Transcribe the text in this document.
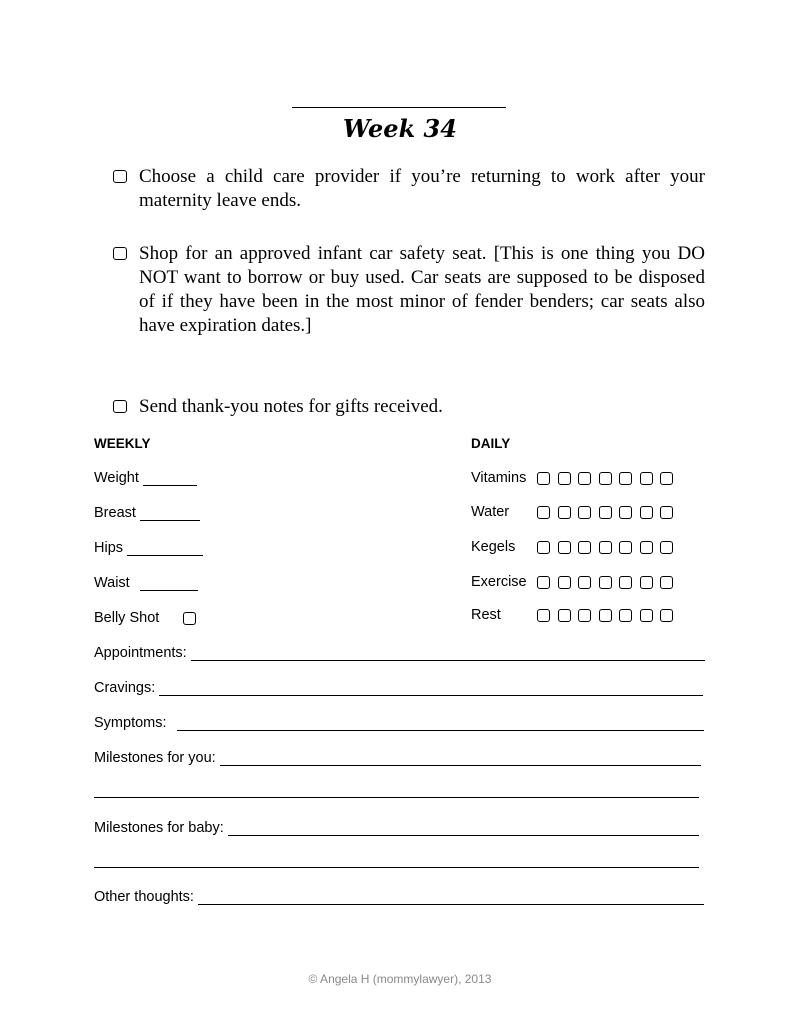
Week 34
Choose a child care provider if you’re returning to work after your maternity leave ends.
Shop for an approved infant car safety seat. [This is one thing you DO NOT want to borrow or buy used. Car seats are supposed to be disposed of if they have been in the most minor of fender benders; car seats also have expiration dates.]
Send thank-you notes for gifts received.
WEEKLY	DAILY
Weight
Breast
Hips
Waist
Belly Shot
Vitamins
Water
Kegels
Exercise
Rest
Appointments:
Cravings:
Symptoms:
Milestones for you:
Milestones for baby:
Other thoughts:
© Angela H (mommylawyer), 2013
